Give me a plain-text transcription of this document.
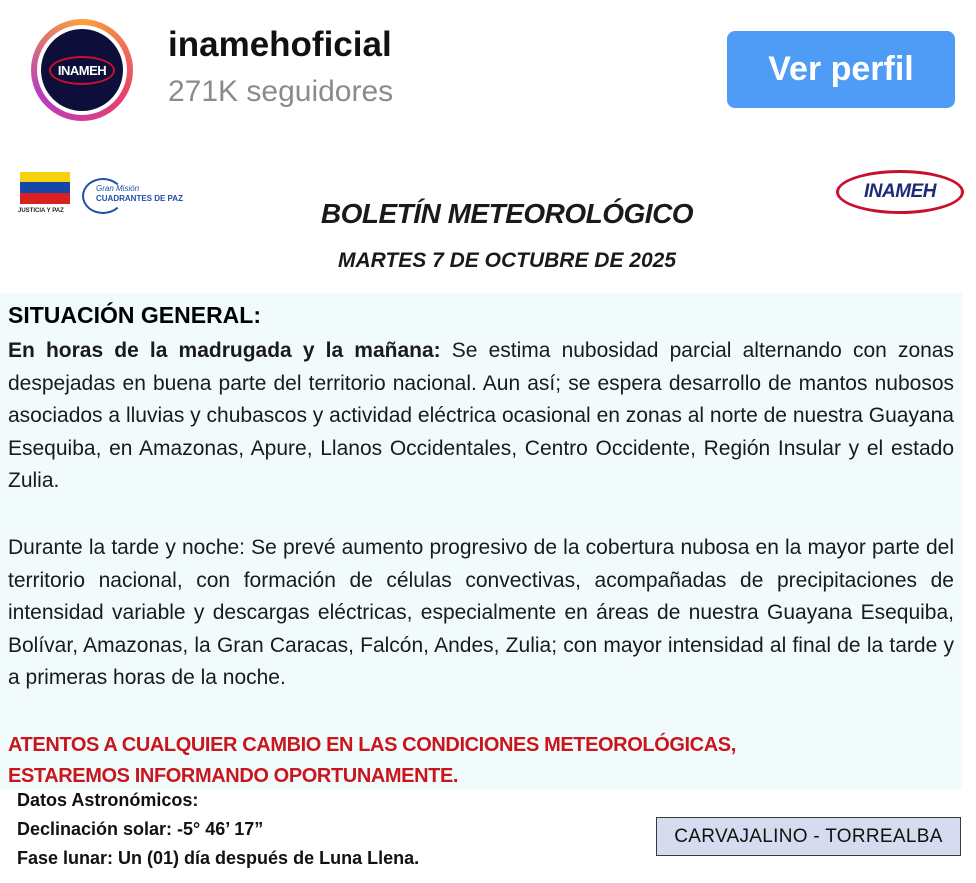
INAMEH
inamehoficial
271K seguidores
Ver perfil
JUSTICIA Y PAZ
Gran Misión
CUADRANTES DE PAZ	INAMEH
BOLETÍN METEOROLÓGICO
MARTES 7 DE OCTUBRE DE 2025
SITUACIÓN GENERAL:
En horas de la madrugada y la mañana: Se estima nubosidad parcial alternando con zonas despejadas en buena parte del territorio nacional. Aun así; se espera desarrollo de mantos nubosos asociados a lluvias y chubascos y actividad eléctrica ocasional en zonas al norte de nuestra Guayana Esequiba, en Amazonas, Apure, Llanos Occidentales, Centro Occidente, Región Insular y el estado Zulia.
Durante la tarde y noche: Se prevé aumento progresivo de la cobertura nubosa en la mayor parte del territorio nacional, con formación de células convectivas, acompañadas de precipitaciones de intensidad variable y descargas eléctricas, especialmente en áreas de nuestra Guayana Esequiba, Bolívar, Amazonas, la Gran Caracas, Falcón, Andes, Zulia; con mayor intensidad al final de la tarde y a primeras horas de la noche.
ATENTOS A CUALQUIER CAMBIO EN LAS CONDICIONES METEOROLÓGICAS,
ESTAREMOS INFORMANDO OPORTUNAMENTE.
Datos Astronómicos:
Declinación solar: -5° 46’ 17”
Fase lunar: Un (01) día después de Luna Llena.
CARVAJALINO - TORREALBA
